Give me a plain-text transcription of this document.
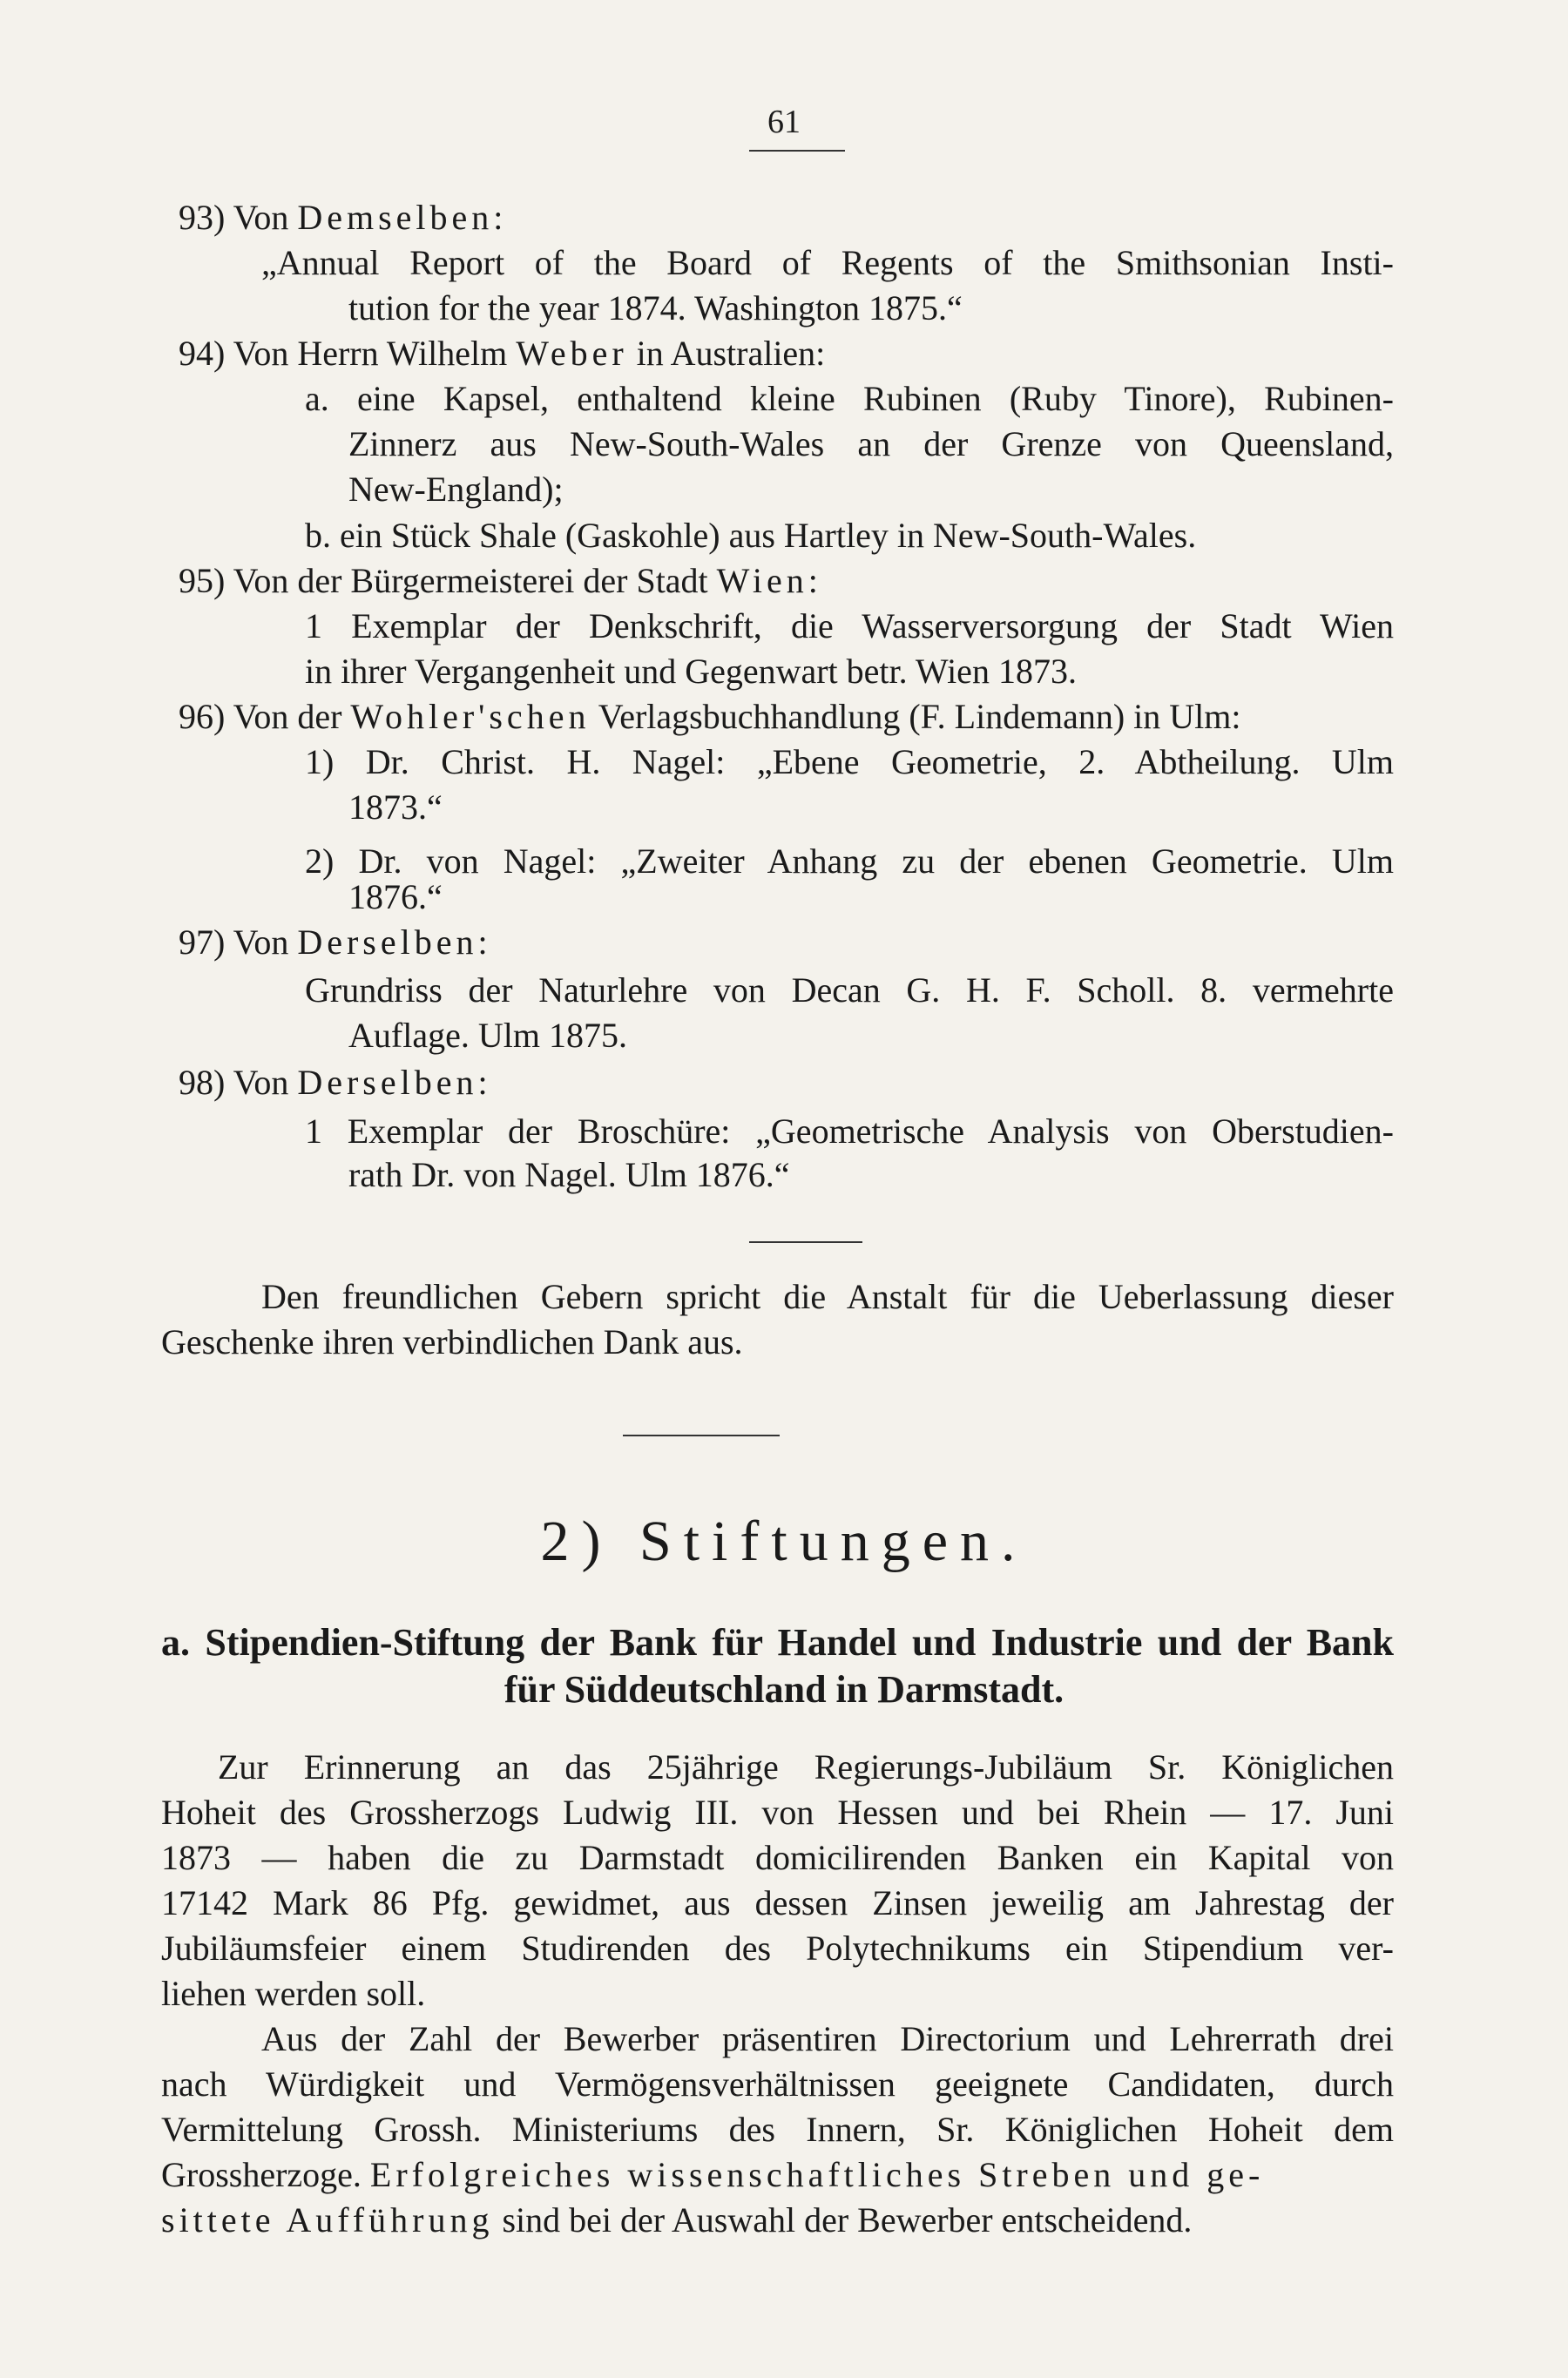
61
93) Von Demselben:
„Annual Report of the Board of Regents of the Smithsonian Insti-
tution for the year 1874. Washington 1875.“
94) Von Herrn Wilhelm Weber in Australien:
a. eine Kapsel, enthaltend kleine Rubinen (Ruby Tinore), Rubinen-
Zinnerz aus New-South-Wales an der Grenze von Queensland,
New-England);
b. ein Stück Shale (Gaskohle) aus Hartley in New-South-Wales.
95) Von der Bürgermeisterei der Stadt Wien:
1 Exemplar der Denkschrift, die Wasserversorgung der Stadt Wien
in ihrer Vergangenheit und Gegenwart betr. Wien 1873.
96) Von der Wohler'schen Verlagsbuchhandlung (F. Lindemann) in Ulm:
1) Dr. Christ. H. Nagel: „Ebene Geometrie, 2. Abtheilung. Ulm
1873.“
2) Dr. von Nagel: „Zweiter Anhang zu der ebenen Geometrie. Ulm
1876.“
97) Von Derselben:
Grundriss der Naturlehre von Decan G. H. F. Scholl. 8. vermehrte
Auflage. Ulm 1875.
98) Von Derselben:
1 Exemplar der Broschüre: „Geometrische Analysis von Oberstudien-
rath Dr. von Nagel. Ulm 1876.“
Den freundlichen Gebern spricht die Anstalt für die Ueberlassung dieser
Geschenke ihren verbindlichen Dank aus.
2) Stiftungen.
a. Stipendien-Stiftung der Bank für Handel und Industrie und der Bank
für Süddeutschland in Darmstadt.
Zur Erinnerung an das 25jährige Regierungs-Jubiläum Sr. Königlichen
Hoheit des Grossherzogs Ludwig III. von Hessen und bei Rhein — 17. Juni
1873 — haben die zu Darmstadt domicilirenden Banken ein Kapital von
17142 Mark 86 Pfg. gewidmet, aus dessen Zinsen jeweilig am Jahrestag der
Jubiläumsfeier einem Studirenden des Polytechnikums ein Stipendium ver-
liehen werden soll.
Aus der Zahl der Bewerber präsentiren Directorium und Lehrerrath drei
nach Würdigkeit und Vermögensverhältnissen geeignete Candidaten, durch
Vermittelung Grossh. Ministeriums des Innern, Sr. Königlichen Hoheit dem
Grossherzoge. Erfolgreiches wissenschaftliches Streben und ge-
sittete Aufführung sind bei der Auswahl der Bewerber entscheidend.
